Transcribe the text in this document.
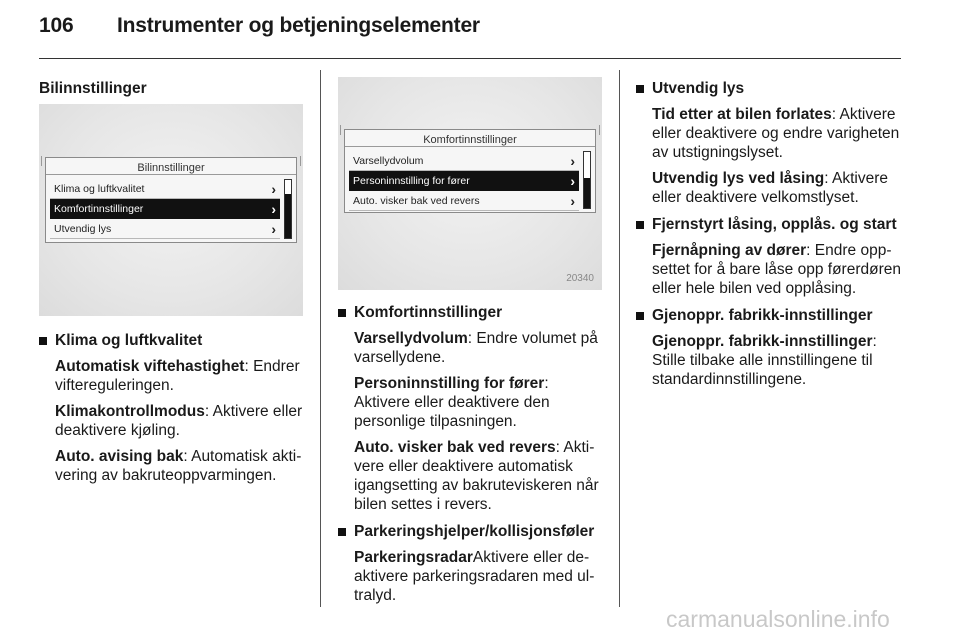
106 Instrumenter og betjeningselementer

Bilinnstillinger

Bilinnstillinger
Klima og luftkvalitet	›
Komfortinnstillinger	›
Utvendig lys	›
Klima og luftkvalitet

Automatisk viftehastighet: Endrer viftereguleringen.

Klimakontrollmodus: Aktivere eller deaktivere kjøling.

Auto. avising bak: Automatisk aktivering av bakruteoppvarmingen.

Komfortinnstillinger
Varsellydvolum	›
Personinnstilling for fører	›
Auto. visker bak ved revers	›
20340
Komfortinnstillinger

Varsellydvolum: Endre volumet på varsellydene.

Personinnstilling for fører: Aktivere eller deaktivere den personlige tilpasningen.

Auto. visker bak ved revers: Aktivere eller deaktivere automatisk igangsetting av bakruteviskeren når bilen settes i revers.

Parkeringshjelper/kollisjonsføler

ParkeringsradarAktivere eller deaktivere parkeringsradaren med ultralyd.

Utvendig lys

Tid etter at bilen forlates: Aktivere eller deaktivere og endre varigheten av utstigningslyset.

Utvendig lys ved låsing: Aktivere eller deaktivere velkomstlyset.

Fjernstyrt låsing, opplås. og start

Fjernåpning av dører: Endre oppsettet for å bare låse opp førerdøren eller hele bilen ved opplåsing.

Gjenoppr. fabrikk-innstillinger

Gjenoppr. fabrikk-innstillinger: Stille tilbake alle innstillingene til standardinnstillingene.

carmanualsonline.info
